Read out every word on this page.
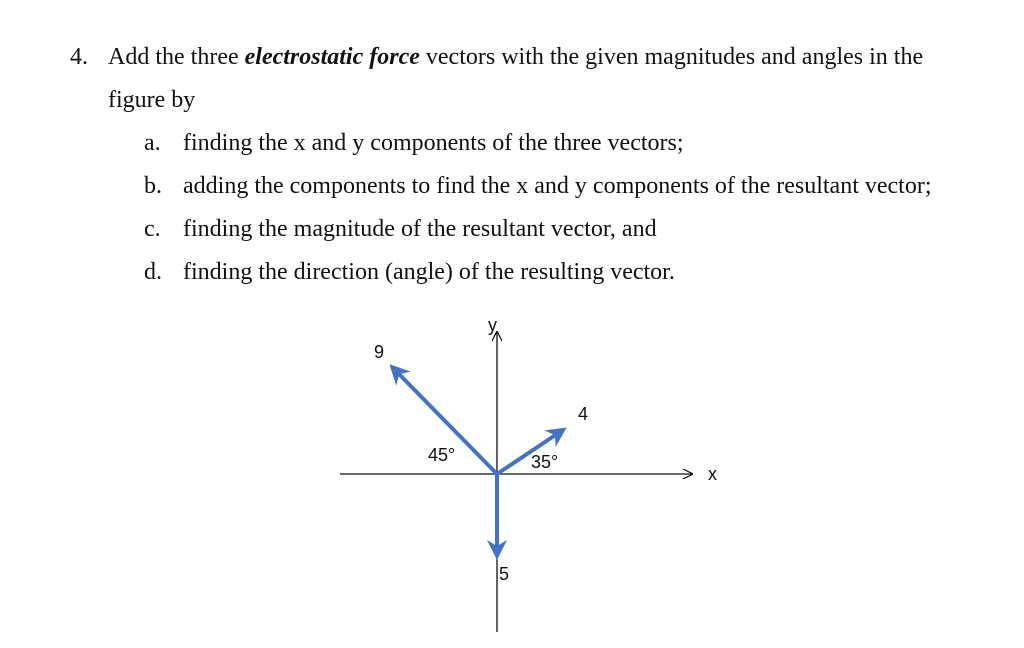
4. Add the three electrostatic force vectors with the given magnitudes and angles in the
figure by
a. finding the x and y components of the three vectors;
b. adding the components to find the x and y components of the resultant vector;
c. finding the magnitude of the resultant vector, and
d. finding the direction (angle) of the resulting vector.
x
y
9
45°
4
35°
5
